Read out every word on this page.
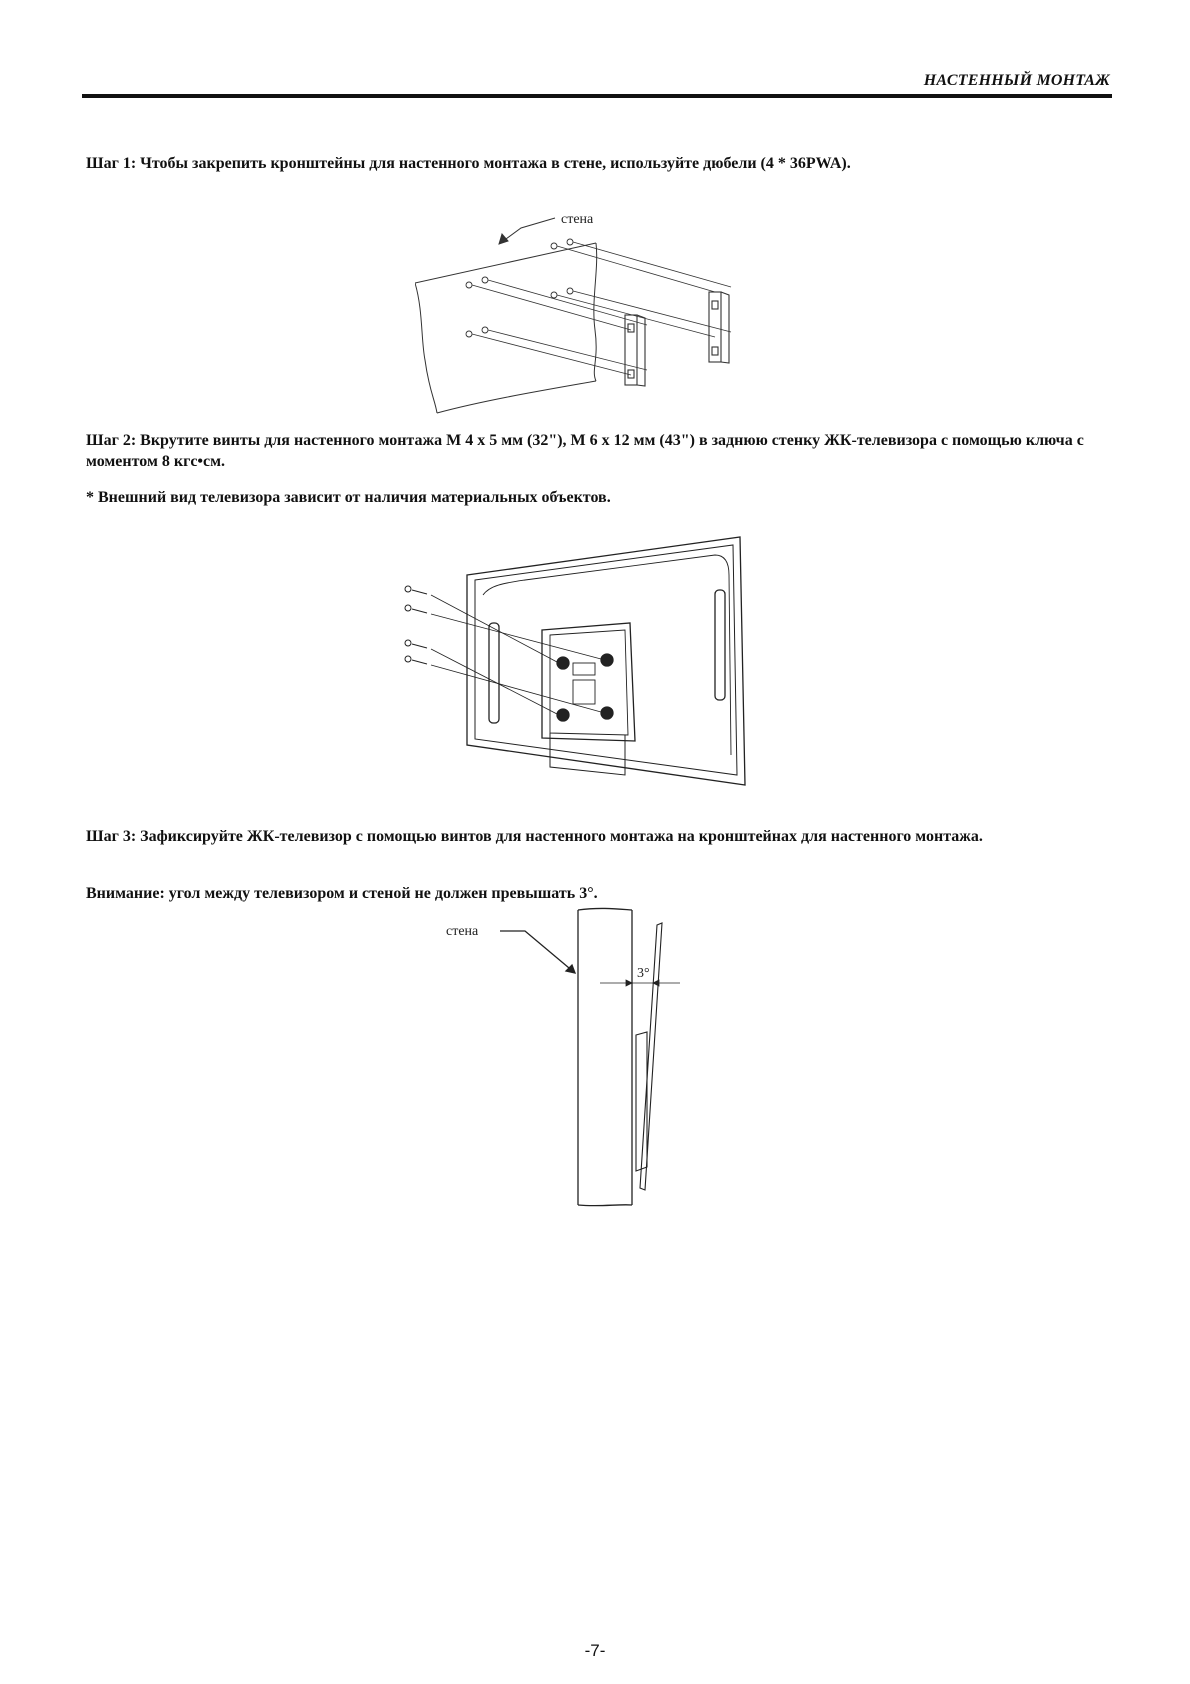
НАСТЕННЫЙ МОНТАЖ
Шаг 1: Чтобы закрепить кронштейны для настенного монтажа в стене, используйте дюбели (4 * 36PWA).
стена
Шаг 2: Вкрутите винты для настенного монтажа M 4 x 5 мм (32"), M 6 x 12 мм (43") в заднюю стенку ЖК-телевизора с помощью ключа с моментом 8 кгс•см.
* Внешний вид телевизора зависит от наличия материальных объектов.
Шаг 3: Зафиксируйте ЖК-телевизор с помощью винтов для настенного монтажа на кронштейнах для настенного монтажа.
Внимание: угол между телевизором и стеной не должен превышать 3°.
стена
3°
-7-
